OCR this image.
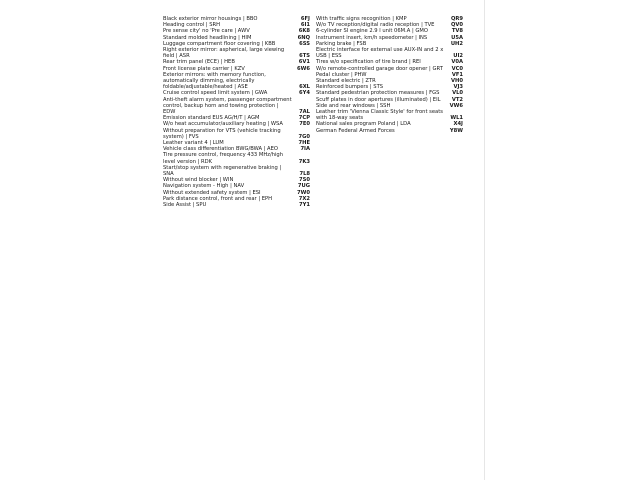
Black exterior mirror housings | BBO	6FJ
Heading control | SRH	6I1
Pre sense city' no 'Pre care | AWV	6K8
Standard molded headlining | HIM	6NQ
Luggage compartment floor covering | KBB	6SS
Right exterior mirror: aspherical, large viewing field | ASR	6TS
Rear trim panel (ECE) | HEB	6V1
Front license plate carrier | KZV	6W6
Exterior mirrors: with memory function, automatically dimming, electrically foldable/adjustable/heated | ASE	6XL
Cruise control speed limit system | GWA	6Y4
Anti-theft alarm system, passenger compartment control, backup horn and towing protection | EDW	7AL
Emission standard EUS AG/H/T | AGM	7CP
W/o heat accumulator/auxiliary heating | WSA	7E0
Without preparation for VTS (vehicle tracking system) | FVS	7G0
Leather variant 4 | LUM	7HE
Vehicle class differentiation BWG/BWA | AEO	7IA
Tire pressure control, frequency 433 MHz/high level version | RDK	7K3
Start/stop system with regenerative braking | SNA	7L8
Without wind blocker | WIN	7S0
Navigation system - High | NAV	7UG
Without extended safety system | ESI	7W0
Park distance control, front and rear | EPH	7X2
Side Assist | SPU	7Y1
With traffic signs recognition | KMP	QR9
W/o TV reception/digital radio reception | TVE	QV0
6-cylinder SI engine 2.9 l unit 06M.A | GMO	TV8
Instrument insert, km/h speedometer | INS	U5A
Parking brake | FSB	UH2
Electric interface for external use AUX-IN and 2 x USB | ESS	UI2
Tires w/o specification of tire brand | REI	V0A
W/o remote-controlled garage door opener | GRT	VC0
Pedal cluster | PHW	VF1
Standard electric | ZTR	VH0
Reinforced bumpers | STS	VJ3
Standard pedestrian protection measures | FGS	VL0
Scuff plates in door apertures (illuminated) | EIL	VT2
Side and rear windows | SSH	VW6
Leather trim 'Vienna Classic Style' for front seats with 18-way seats	WL1
National sales program Poland | LDA	X4J
German Federal Armed Forces	Y8W
